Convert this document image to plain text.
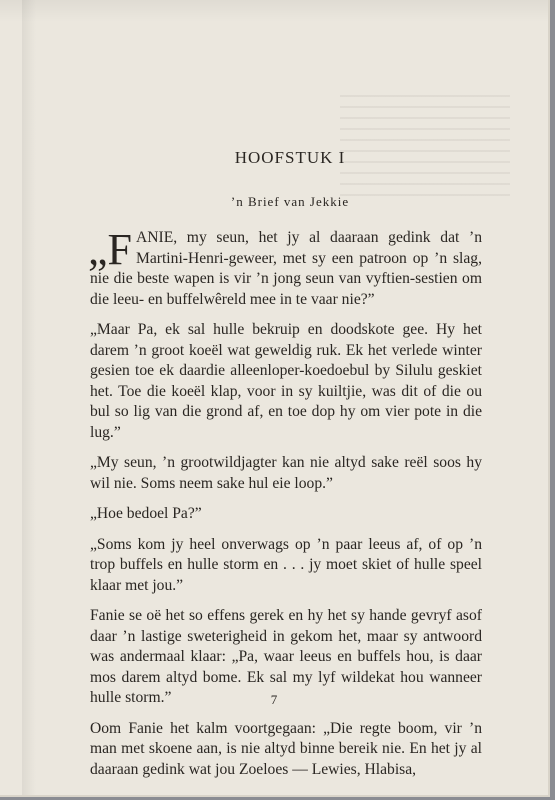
HOOFSTUK I
’n Brief van Jekkie

„FANIE, my seun, het jy al daaraan gedink dat ’n Martini-Henri-geweer, met sy een patroon op ’n slag, nie die beste wapen is vir ’n jong seun van vyftien-sestien om die leeu- en buffelwêreld mee in te vaar nie?”

„Maar Pa, ek sal hulle bekruip en doodskote gee. Hy het darem ’n groot koeël wat geweldig ruk. Ek het verlede winter gesien toe ek daardie alleenloper-koedoebul by Silulu geskiet het. Toe die koeël klap, voor in sy kuiltjie, was dit of die ou bul so lig van die grond af, en toe dop hy om vier pote in die lug.”

„My seun, ’n grootwildjagter kan nie altyd sake reël soos hy wil nie. Soms neem sake hul eie loop.”

„Hoe bedoel Pa?”

„Soms kom jy heel onverwags op ’n paar leeus af, of op ’n trop buffels en hulle storm en . . . jy moet skiet of hulle speel klaar met jou.”

Fanie se oë het so effens gerek en hy het sy hande gevryf asof daar ’n lastige sweterigheid in gekom het, maar sy antwoord was andermaal klaar: „Pa, waar leeus en buffels hou, is daar mos darem altyd bome. Ek sal my lyf wildekat hou wanneer hulle storm.”

Oom Fanie het kalm voortgegaan: „Die regte boom, vir ’n man met skoene aan, is nie altyd binne bereik nie. En het jy al daaraan gedink wat jou Zoeloes — Lewies, Hlabisa,

7
